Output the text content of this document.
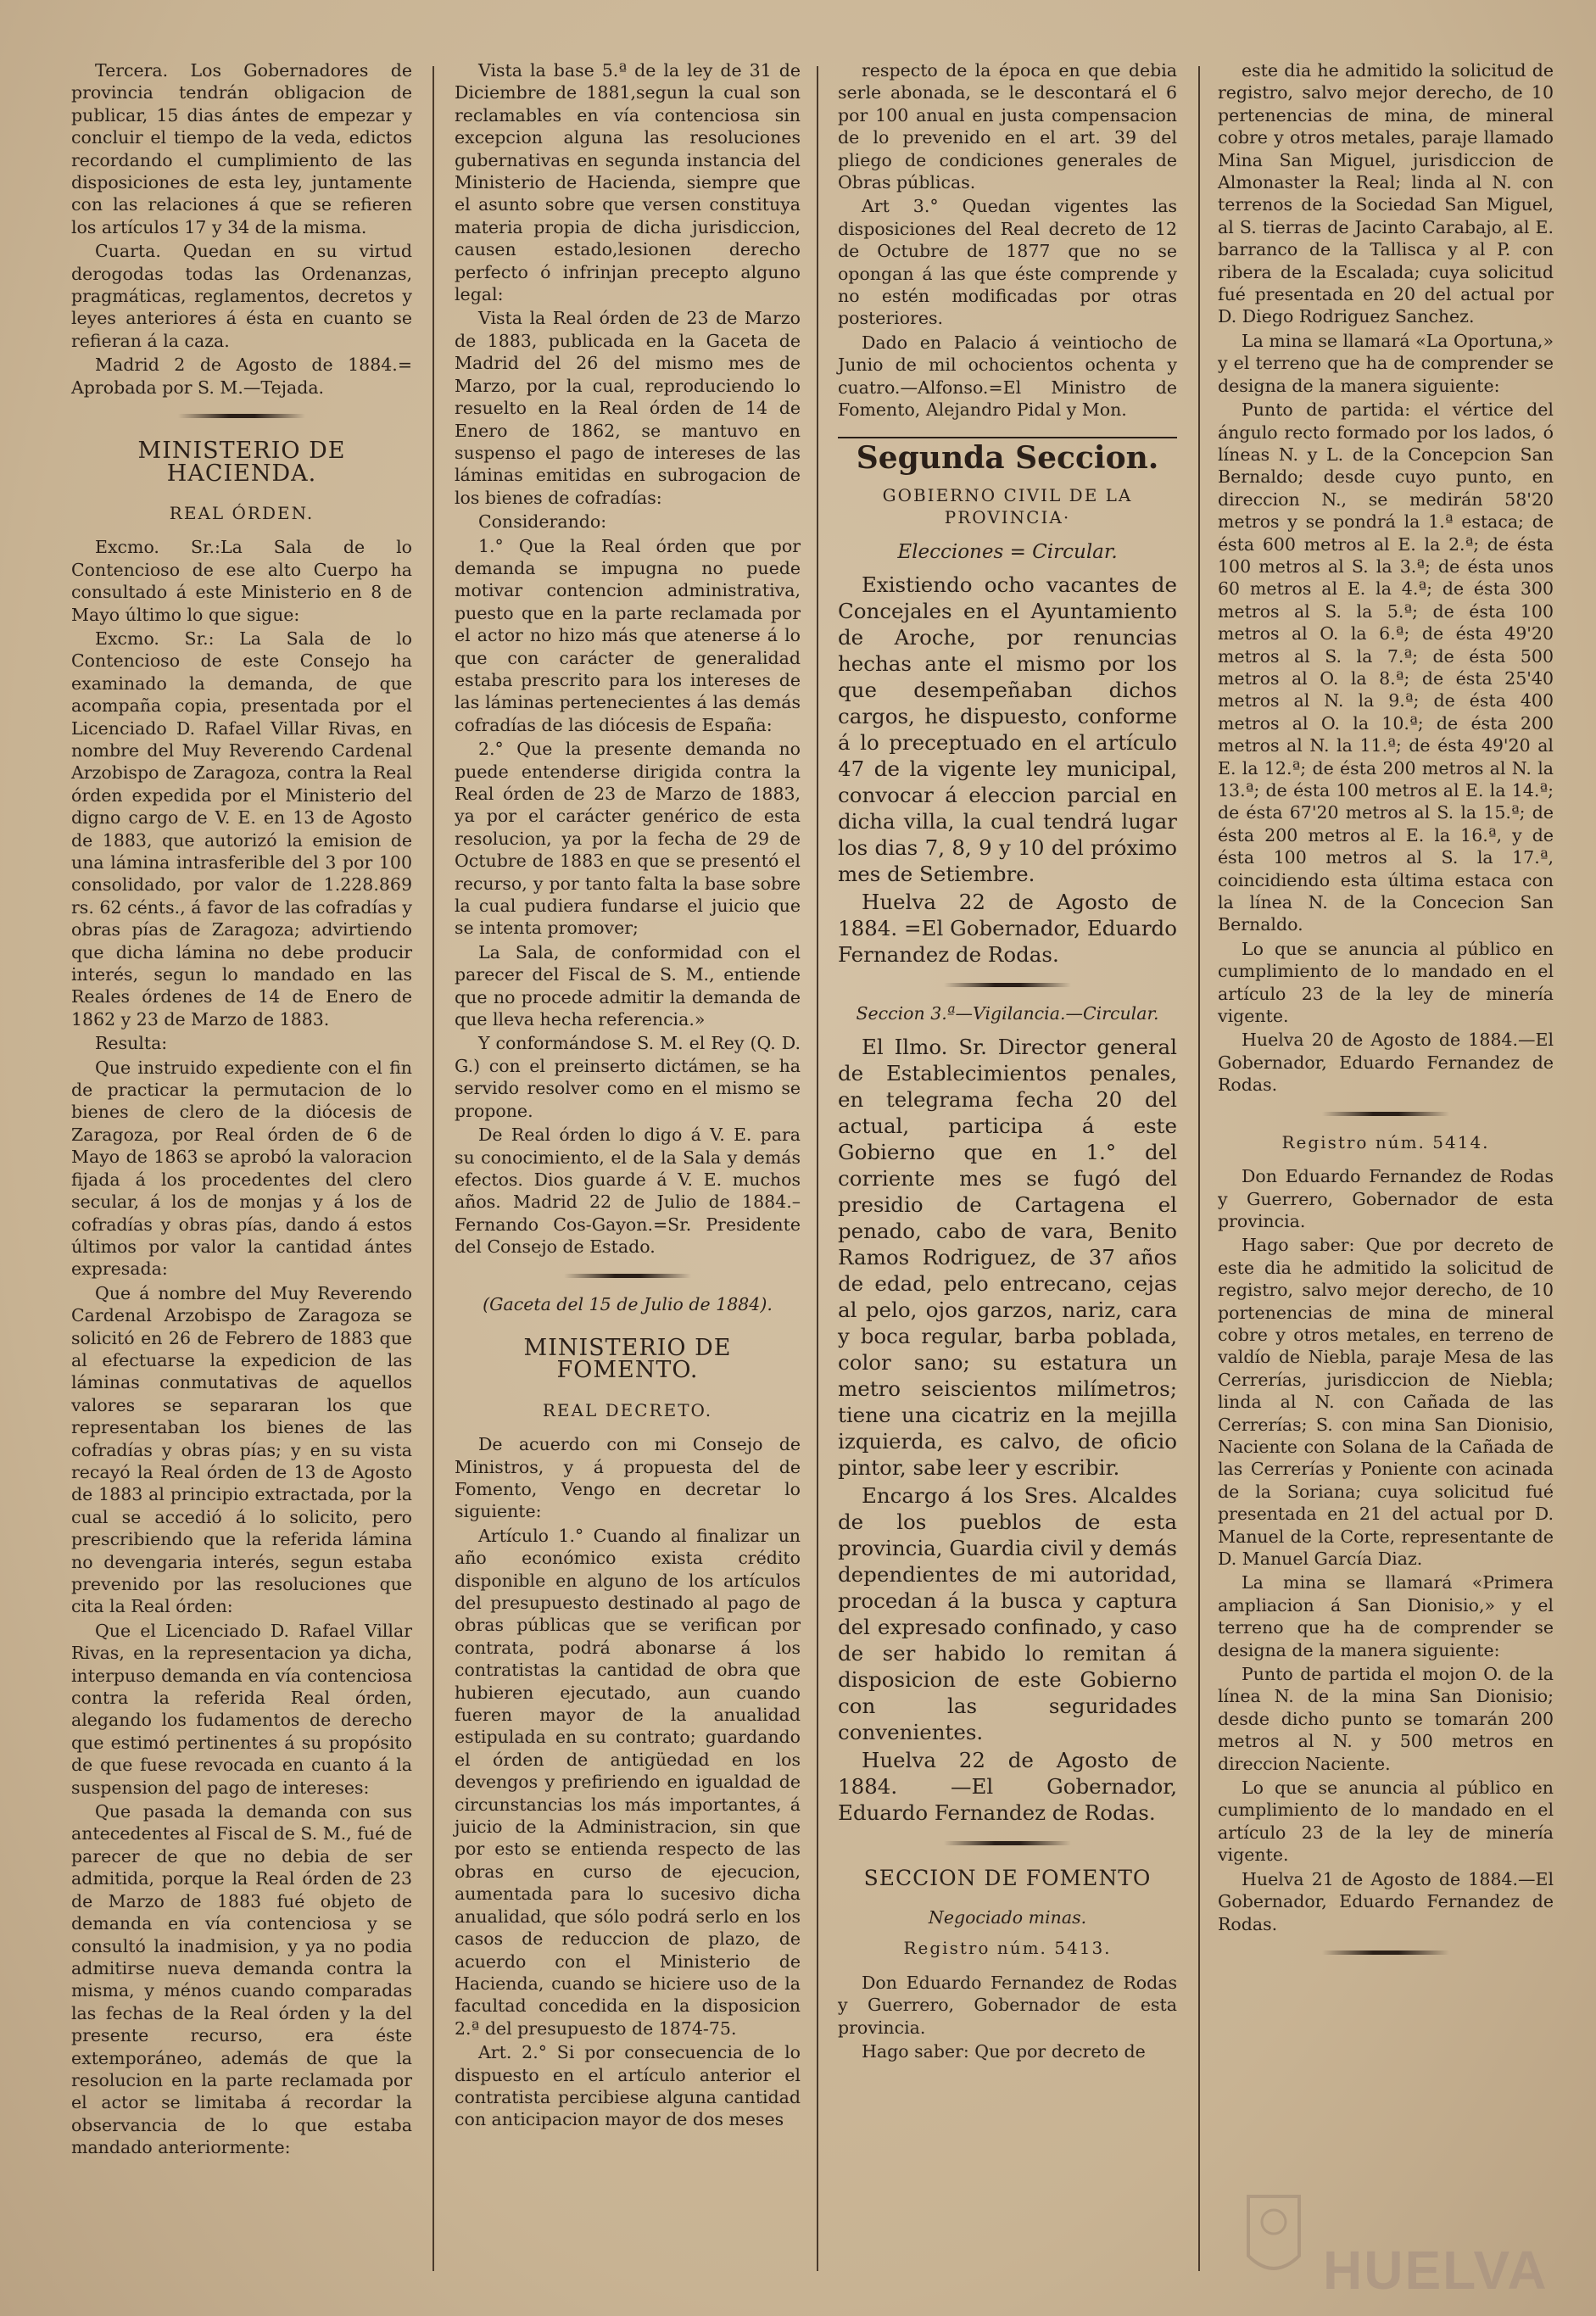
Tercera. Los Gobernadores de provincia tendrán obligacion de publicar, 15 dias ántes de empezar y concluir el tiempo de la veda, edictos recordando el cumplimiento de las disposiciones de esta ley, juntamente con las relaciones á que se refieren los artículos 17 y 34 de la misma.

Cuarta. Quedan en su virtud derogodas todas las Ordenanzas, pragmáticas, reglamentos, decretos y leyes anteriores á ésta en cuanto se refieran á la caza.

Madrid 2 de Agosto de 1884.= Aprobada por S. M.—Tejada.

MINISTERIO DE HACIENDA.
REAL ÓRDEN.

Excmo. Sr.:La Sala de lo Contencioso de ese alto Cuerpo ha consultado á este Ministerio en 8 de Mayo último lo que sigue:

Excmo. Sr.: La Sala de lo Contencioso de este Consejo ha examinado la demanda, de que acompaña copia, presentada por el Licenciado D. Rafael Villar Rivas, en nombre del Muy Reverendo Cardenal Arzobispo de Zaragoza, contra la Real órden expedida por el Ministerio del digno cargo de V. E. en 13 de Agosto de 1883, que autorizó la emision de una lámina intrasferible del 3 por 100 consolidado, por valor de 1.228.869 rs. 62 cénts., á favor de las cofradías y obras pías de Zaragoza; advirtiendo que dicha lámina no debe producir interés, segun lo mandado en las Reales órdenes de 14 de Enero de 1862 y 23 de Marzo de 1883.

Resulta:

Que instruido expediente con el fin de practicar la permutacion de lo bienes de clero de la diócesis de Zaragoza, por Real órden de 6 de Mayo de 1863 se aprobó la valoracion fijada á los procedentes del clero secular, á los de monjas y á los de cofradías y obras pías, dando á estos últimos por valor la cantidad ántes expresada:

Que á nombre del Muy Reverendo Cardenal Arzobispo de Zaragoza se solicitó en 26 de Febrero de 1883 que al efectuarse la expedicion de las láminas conmutativas de aquellos valores se separaran los que representaban los bienes de las cofradías y obras pías; y en su vista recayó la Real órden de 13 de Agosto de 1883 al principio extractada, por la cual se accedió á lo solicito, pero prescribiendo que la referida lámina no devengaria interés, segun estaba prevenido por las resoluciones que cita la Real órden:

Que el Licenciado D. Rafael Villar Rivas, en la representacion ya dicha, interpuso demanda en vía contenciosa contra la referida Real órden, alegando los fudamentos de derecho que estimó pertinentes á su propósito de que fuese revocada en cuanto á la suspension del pago de intereses:

Que pasada la demanda con sus antecedentes al Fiscal de S. M., fué de parecer de que no debia de ser admitida, porque la Real órden de 23 de Marzo de 1883 fué objeto de demanda en vía contenciosa y se consultó la inadmision, y ya no podia admitirse nueva demanda contra la misma, y ménos cuando comparadas las fechas de la Real órden y la del presente recurso, era éste extemporáneo, además de que la resolucion en la parte reclamada por el actor se limitaba á recordar la observancia de lo que estaba mandado anteriormente:

Vista la base 5.ª de la ley de 31 de Diciembre de 1881,segun la cual son reclamables en vía contenciosa sin excepcion alguna las resoluciones gubernativas en segunda instancia del Ministerio de Hacienda, siempre que el asunto sobre que versen constituya materia propia de dicha jurisdiccion, causen estado,lesionen derecho perfecto ó infrinjan precepto alguno legal:

Vista la Real órden de 23 de Marzo de 1883, publicada en la Gaceta de Madrid del 26 del mismo mes de Marzo, por la cual, reproduciendo lo resuelto en la Real órden de 14 de Enero de 1862, se mantuvo en suspenso el pago de intereses de las láminas emitidas en subrogacion de los bienes de cofradías:

Considerando:

1.° Que la Real órden que por demanda se impugna no puede motivar contencion administrativa, puesto que en la parte reclamada por el actor no hizo más que atenerse á lo que con carácter de generalidad estaba prescrito para los intereses de las láminas pertenecientes á las demás cofradías de las diócesis de España:

2.° Que la presente demanda no puede entenderse dirigida contra la Real órden de 23 de Marzo de 1883, ya por el carácter genérico de esta resolucion, ya por la fecha de 29 de Octubre de 1883 en que se presentó el recurso, y por tanto falta la base sobre la cual pudiera fundarse el juicio que se intenta promover;

La Sala, de conformidad con el parecer del Fiscal de S. M., entiende que no procede admitir la demanda de que lleva hecha referencia.»

Y conformándose S. M. el Rey (Q. D. G.) con el preinserto dictámen, se ha servido resolver como en el mismo se propone.

De Real órden lo digo á V. E. para su conocimiento, el de la Sala y demás efectos. Dios guarde á V. E. muchos años. Madrid 22 de Julio de 1884.– Fernando Cos-Gayon.=Sr. Presidente del Consejo de Estado.

(Gaceta del 15 de Julio de 1884).
MINISTERIO DE FOMENTO.
REAL DECRETO.

De acuerdo con mi Consejo de Ministros, y á propuesta del de Fomento, Vengo en decretar lo siguiente:

Artículo 1.° Cuando al finalizar un año económico exista crédito disponible en alguno de los artículos del presupuesto destinado al pago de obras públicas que se verifican por contrata, podrá abonarse á los contratistas la cantidad de obra que hubieren ejecutado, aun cuando fueren mayor de la anualidad estipulada en su contrato; guardando el órden de antigüedad en los devengos y prefiriendo en igualdad de circunstancias los más importantes, á juicio de la Administracion, sin que por esto se entienda respecto de las obras en curso de ejecucion, aumentada para lo sucesivo dicha anualidad, que sólo podrá serlo en los casos de reduccion de plazo, de acuerdo con el Ministerio de Hacienda, cuando se hiciere uso de la facultad concedida en la disposicion 2.ª del presupuesto de 1874-75.

Art. 2.° Si por consecuencia de lo dispuesto en el artículo anterior el contratista percibiese alguna cantidad con anticipacion mayor de dos meses

respecto de la época en que debia serle abonada, se le descontará el 6 por 100 anual en justa compensacion de lo prevenido en el art. 39 del pliego de condiciones generales de Obras públicas.

Art 3.° Quedan vigentes las disposiciones del Real decreto de 12 de Octubre de 1877 que no se opongan á las que éste comprende y no estén modificadas por otras posteriores.

Dado en Palacio á veintiocho de Junio de mil ochocientos ochenta y cuatro.—Alfonso.=El Ministro de Fomento, Alejandro Pidal y Mon.

Segunda Seccion.
GOBIERNO CIVIL DE LA PROVINCIA·
Elecciones = Circular.

Existiendo ocho vacantes de Concejales en el Ayuntamiento de Aroche, por renuncias hechas ante el mismo por los que desempeñaban dichos cargos, he dispuesto, conforme á lo preceptuado en el artículo 47 de la vigente ley municipal, convocar á eleccion parcial en dicha villa, la cual tendrá lugar los dias 7, 8, 9 y 10 del próximo mes de Setiembre.

Huelva 22 de Agosto de 1884. =El Gobernador, Eduardo Fernandez de Rodas.

Seccion 3.ª—Vigilancia.—Circular.

El Ilmo. Sr. Director general de Establecimientos penales, en telegrama fecha 20 del actual, participa á este Gobierno que en 1.° del corriente mes se fugó del presidio de Cartagena el penado, cabo de vara, Benito Ramos Rodriguez, de 37 años de edad, pelo entrecano, cejas al pelo, ojos garzos, nariz, cara y boca regular, barba poblada, color sano; su estatura un metro seiscientos milímetros; tiene una cicatriz en la mejilla izquierda, es calvo, de oficio pintor, sabe leer y escribir.

Encargo á los Sres. Alcaldes de los pueblos de esta provincia, Guardia civil y demás dependientes de mi autoridad, procedan á la busca y captura del expresado confinado, y caso de ser habido lo remitan á disposicion de este Gobierno con las seguridades convenientes.

Huelva 22 de Agosto de 1884. —El Gobernador, Eduardo Fernandez de Rodas.

SECCION DE FOMENTO
Negociado minas.
Registro núm. 5413.

Don Eduardo Fernandez de Rodas y Guerrero, Gobernador de esta provincia.

Hago saber: Que por decreto de

este dia he admitido la solicitud de registro, salvo mejor derecho, de 10 pertenencias de mina, de mineral cobre y otros metales, paraje llamado Mina San Miguel, jurisdiccion de Almonaster la Real; linda al N. con terrenos de la Sociedad San Miguel, al S. tierras de Jacinto Carabajo, al E. barranco de la Tallisca y al P. con ribera de la Escalada; cuya solicitud fué presentada en 20 del actual por D. Diego Rodriguez Sanchez.

La mina se llamará «La Oportuna,» y el terreno que ha de comprender se designa de la manera siguiente:

Punto de partida: el vértice del ángulo recto formado por los lados, ó líneas N. y L. de la Concepcion San Bernaldo; desde cuyo punto, en direccion N., se medirán 58'20 metros y se pondrá la 1.ª estaca; de ésta 600 metros al E. la 2.ª; de ésta 100 metros al S. la 3.ª; de ésta unos 60 metros al E. la 4.ª; de ésta 300 metros al S. la 5.ª; de ésta 100 metros al O. la 6.ª; de ésta 49'20 metros al S. la 7.ª; de ésta 500 metros al O. la 8.ª; de ésta 25'40 metros al N. la 9.ª; de ésta 400 metros al O. la 10.ª; de ésta 200 metros al N. la 11.ª; de ésta 49'20 al E. la 12.ª; de ésta 200 metros al N. la 13.ª; de ésta 100 metros al E. la 14.ª; de ésta 67'20 metros al S. la 15.ª; de ésta 200 metros al E. la 16.ª, y de ésta 100 metros al S. la 17.ª, coincidiendo esta última estaca con la línea N. de la Concecion San Bernaldo.

Lo que se anuncia al público en cumplimiento de lo mandado en el artículo 23 de la ley de minería vigente.

Huelva 20 de Agosto de 1884.—El Gobernador, Eduardo Fernandez de Rodas.

Registro núm. 5414.

Don Eduardo Fernandez de Rodas y Guerrero, Gobernador de esta provincia.

Hago saber: Que por decreto de este dia he admitido la solicitud de registro, salvo mejor derecho, de 10 portenencias de mina de mineral cobre y otros metales, en terreno de valdío de Niebla, paraje Mesa de las Cerrerías, jurisdiccion de Niebla; linda al N. con Cañada de las Cerrerías; S. con mina San Dionisio, Naciente con Solana de la Cañada de las Cerrerías y Poniente con acinada de la Soriana; cuya solicitud fué presentada en 21 del actual por D. Manuel de la Corte, representante de D. Manuel García Diaz.

La mina se llamará «Primera ampliacion á San Dionisio,» y el terreno que ha de comprender se designa de la manera siguiente:

Punto de partida el mojon O. de la línea N. de la mina San Dionisio; desde dicho punto se tomarán 200 metros al N. y 500 metros en direccion Naciente.

Lo que se anuncia al público en cumplimiento de lo mandado en el artículo 23 de la ley de minería vigente.

Huelva 21 de Agosto de 1884.—El Gobernador, Eduardo Fernandez de Rodas.

HUELVA
